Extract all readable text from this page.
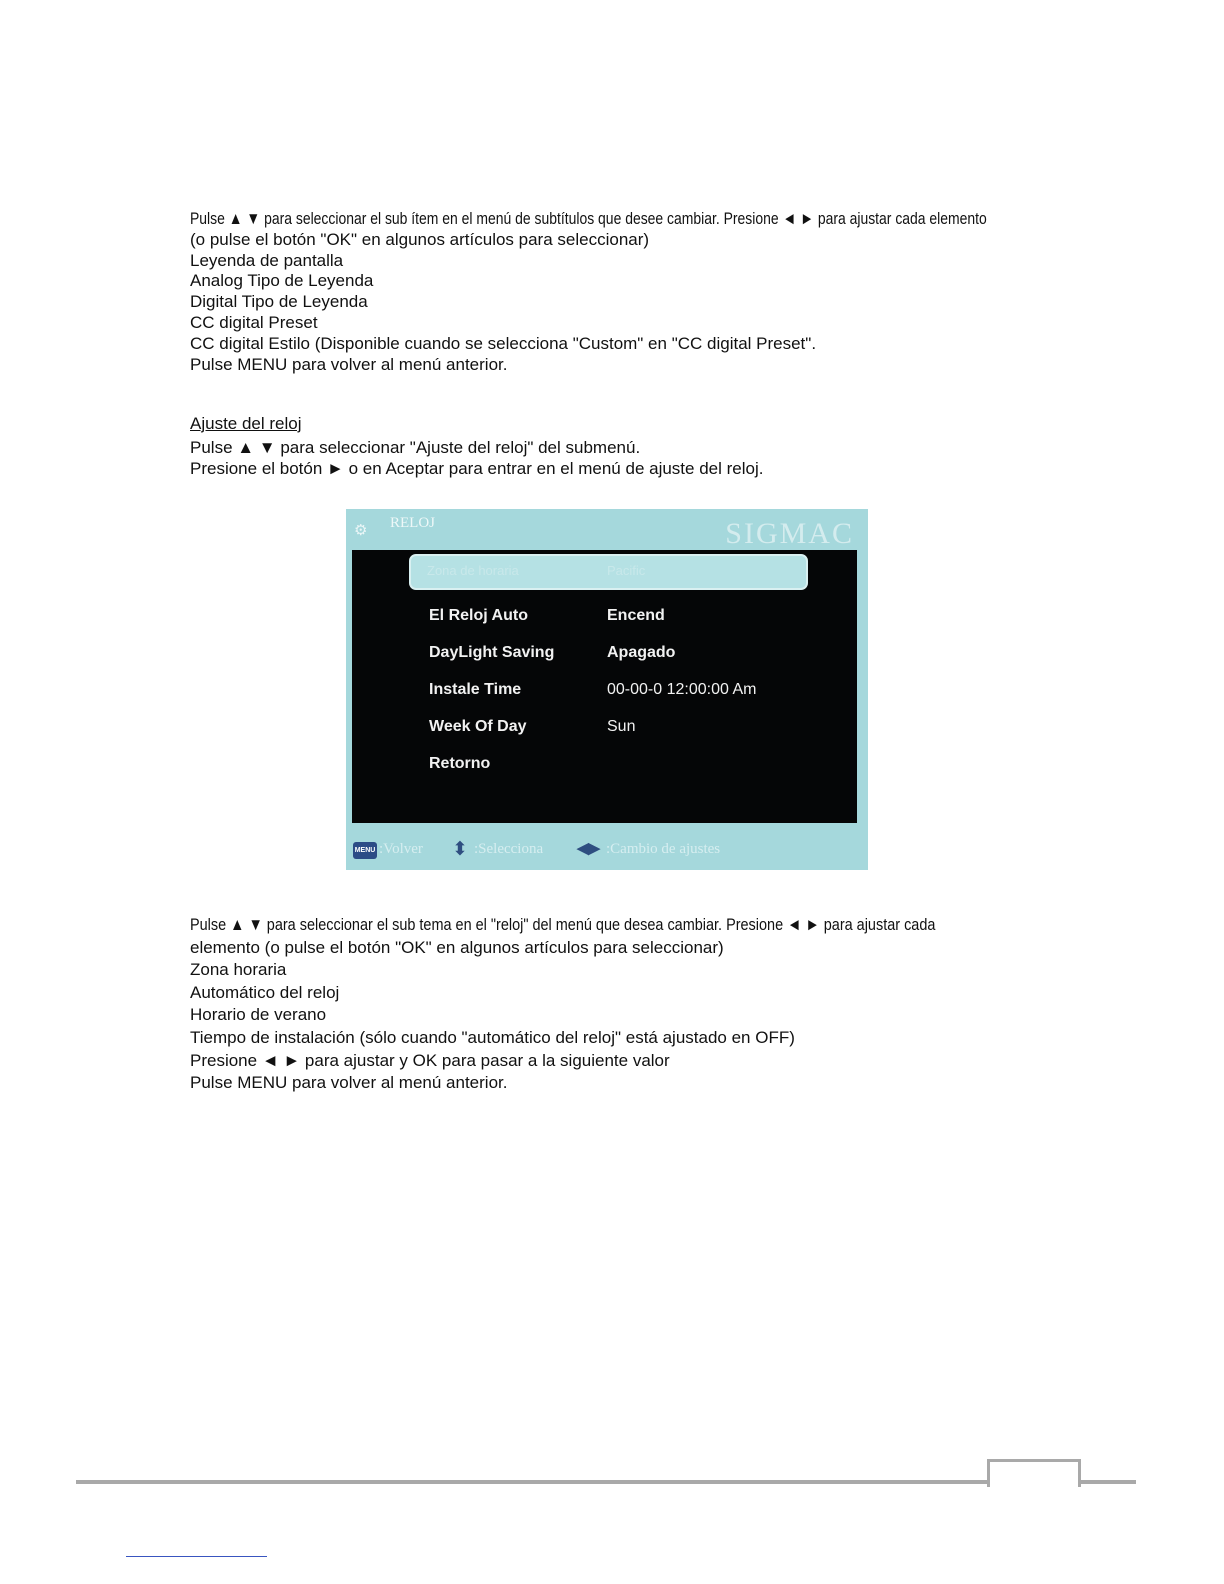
Pulse ▲ ▼ para seleccionar el sub ítem en el menú de subtítulos que desee cambiar. Presione ◄ ► para ajustar cada elemento

(o pulse el botón "OK" en algunos artículos para seleccionar)

Leyenda de pantalla

Analog Tipo de Leyenda

Digital Tipo de Leyenda

CC digital Preset

CC digital Estilo (Disponible cuando se selecciona "Custom" en "CC digital Preset".

Pulse MENU para volver al menú anterior.

Ajuste del reloj

Pulse ▲ ▼ para seleccionar "Ajuste del reloj" del submenú.

Presione el botón ► o en Aceptar para entrar en el menú de ajuste del reloj.

⚙ RELOJ	SIGMAC
Zona de horaria	Pacific
El Reloj Auto	Encend
DayLight Saving	Apagado
Instale Time	00-00-0 12:00:00 Am
Week Of Day	Sun
Retorno
MENU :Volver ⬍ :Selecciona ◀▶ :Cambio de ajustes

Pulse ▲ ▼ para seleccionar el sub tema en el "reloj" del menú que desea cambiar. Presione ◄ ► para ajustar cada

elemento (o pulse el botón "OK" en algunos artículos para seleccionar)

Zona horaria

Automático del reloj

Horario de verano

Tiempo de instalación (sólo cuando "automático del reloj" está ajustado en OFF)

Presione ◄ ► para ajustar y OK para pasar a la siguiente valor

Pulse MENU para volver al menú anterior.
